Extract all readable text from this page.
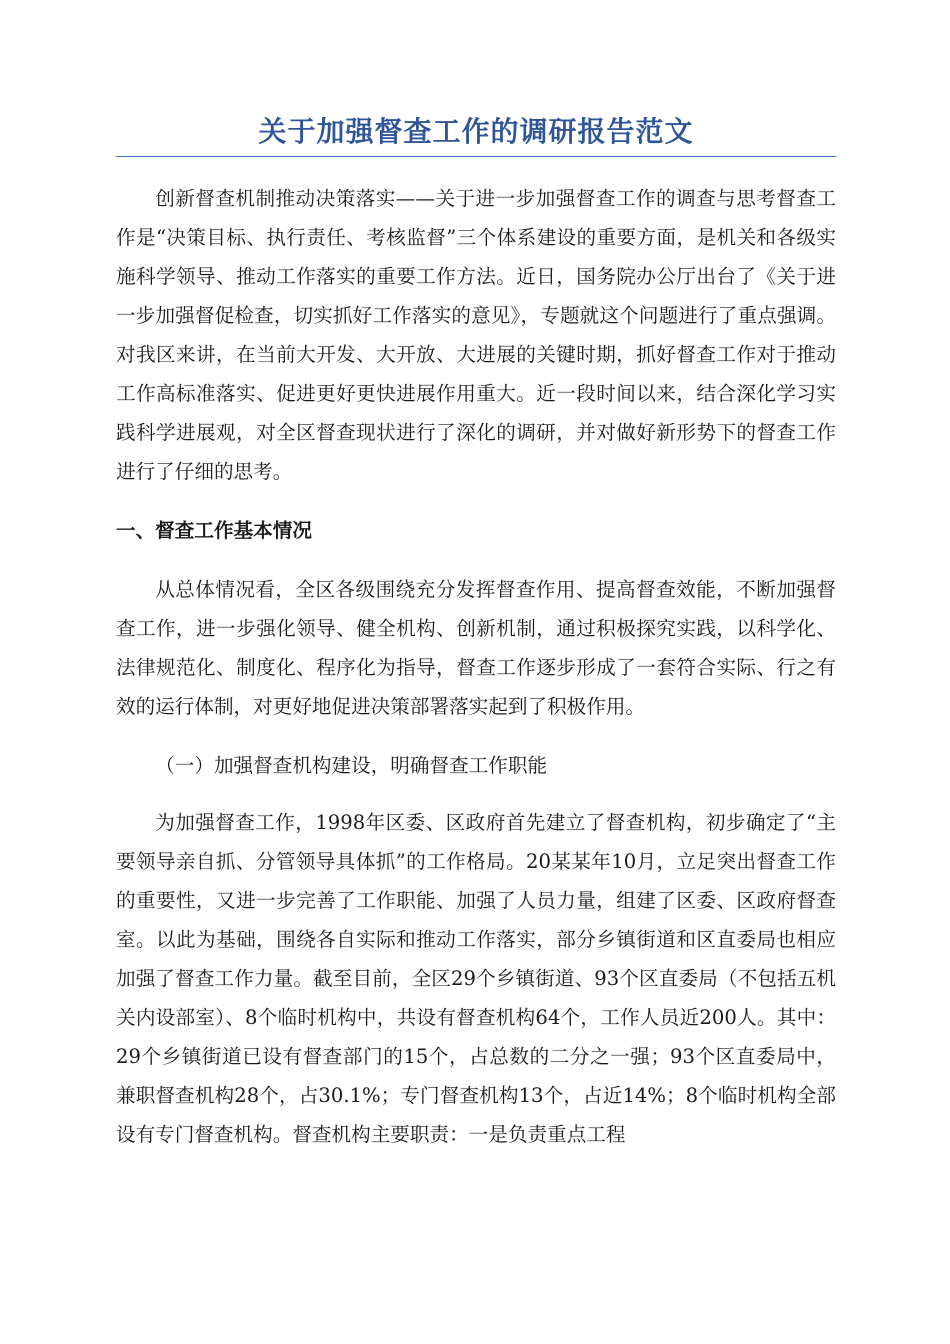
关于加强督查工作的调研报告范文

创新督查机制推动决策落实——关于进一步加强督查工作的调查与思考督查工作是“决策目标、执行责任、考核监督”三个体系建设的重要方面，是机关和各级实施科学领导、推动工作落实的重要工作方法。近日，国务院办公厅出台了《关于进一步加强督促检查，切实抓好工作落实的意见》，专题就这个问题进行了重点强调。对我区来讲，在当前大开发、大开放、大进展的关键时期，抓好督查工作对于推动工作高标准落实、促进更好更快进展作用重大。近一段时间以来，结合深化学习实践科学进展观，对全区督查现状进行了深化的调研，并对做好新形势下的督查工作进行了仔细的思考。

一、督查工作基本情况

从总体情况看，全区各级围绕充分发挥督查作用、提高督查效能，不断加强督查工作，进一步强化领导、健全机构、创新机制，通过积极探究实践，以科学化、法律规范化、制度化、程序化为指导，督查工作逐步形成了一套符合实际、行之有效的运行体制，对更好地促进决策部署落实起到了积极作用。

（一）加强督查机构建设，明确督查工作职能

为加强督查工作，1998年区委、区政府首先建立了督查机构，初步确定了“主要领导亲自抓、分管领导具体抓”的工作格局。20某某年10月，立足突出督查工作的重要性，又进一步完善了工作职能、加强了人员力量，组建了区委、区政府督查室。以此为基础，围绕各自实际和推动工作落实，部分乡镇街道和区直委局也相应加强了督查工作力量。截至目前，全区29个乡镇街道、93个区直委局（不包括五机关内设部室）、8个临时机构中，共设有督查机构64个，工作人员近200人。其中：29个乡镇街道已设有督查部门的15个，占总数的二分之一强；93个区直委局中，兼职督查机构28个，占30.1%；专门督查机构13个，占近14%；8个临时机构全部设有专门督查机构。督查机构主要职责：一是负责重点工程
